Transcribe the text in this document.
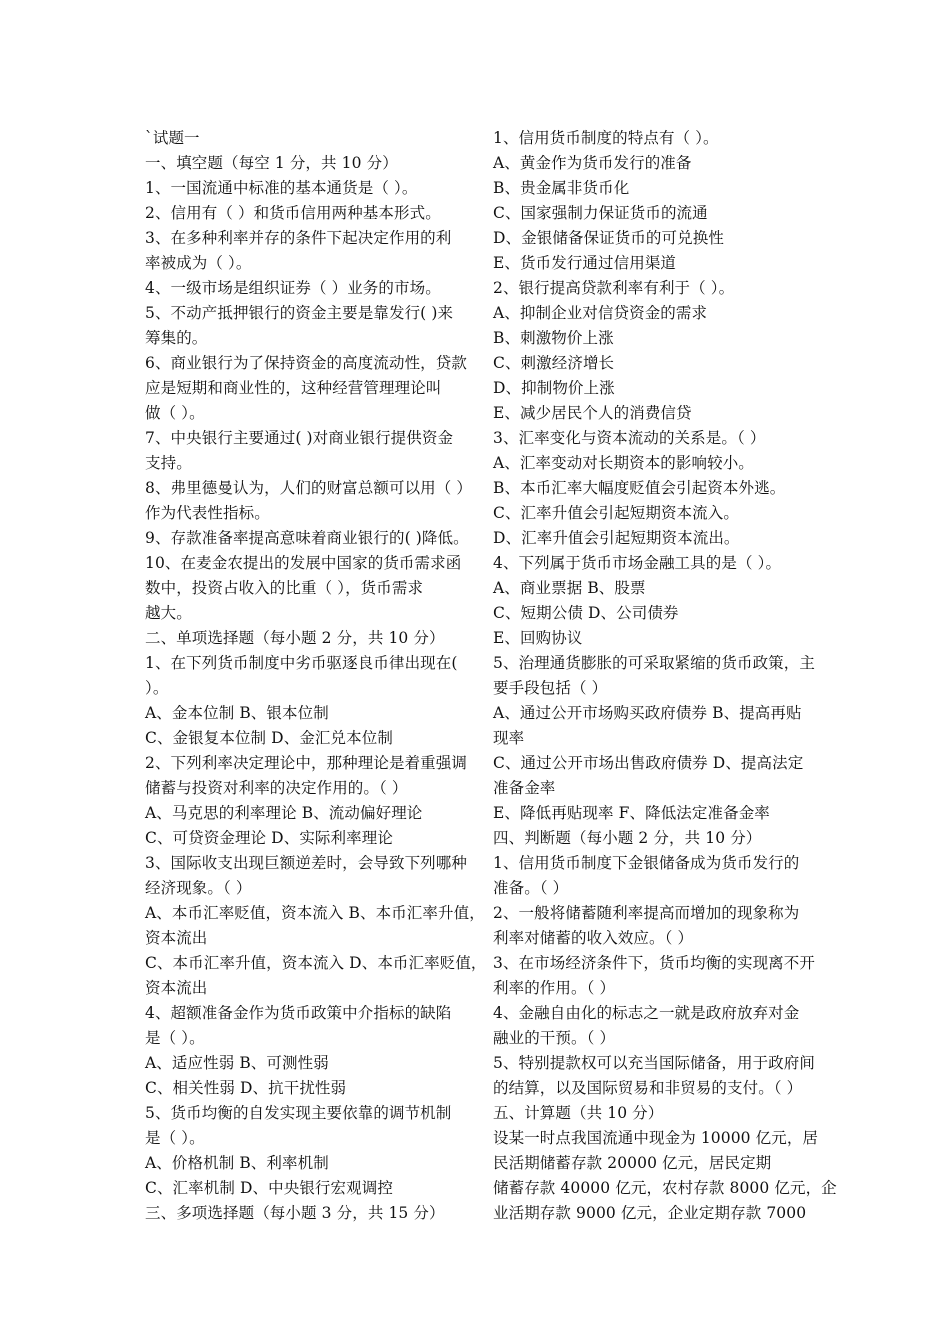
`试题一
一、填空题（每空 1 分，共 10 分）
1、一国流通中标准的基本通货是（ ）。
2、信用有（ ）和货币信用两种基本形式。
3、在多种利率并存的条件下起决定作用的利
率被成为（ ）。
4、一级市场是组织证券（ ）业务的市场。
5、不动产抵押银行的资金主要是靠发行( )来
筹集的。
6、商业银行为了保持资金的高度流动性，贷款
应是短期和商业性的，这种经营管理理论叫
做（ ）。
7、中央银行主要通过( )对商业银行提供资金
支持。
8、弗里德曼认为，人们的财富总额可以用（ ）
作为代表性指标。
9、存款准备率提高意味着商业银行的( )降低。
10、在麦金农提出的发展中国家的货币需求函
数中，投资占收入的比重（ ），货币需求
越大。
二、单项选择题（每小题 2 分，共 10 分）
1、在下列货币制度中劣币驱逐良币律出现在(
）。
A、金本位制 B、银本位制
C、金银复本位制 D、金汇兑本位制
2、下列利率决定理论中，那种理论是着重强调
储蓄与投资对利率的决定作用的。（ ）
A、马克思的利率理论 B、流动偏好理论
C、可贷资金理论 D、实际利率理论
3、国际收支出现巨额逆差时，会导致下列哪种
经济现象。（ ）
A、本币汇率贬值，资本流入 B、本币汇率升值，
资本流出
C、本币汇率升值，资本流入 D、本币汇率贬值，
资本流出
4、超额准备金作为货币政策中介指标的缺陷
是（ ）。
A、适应性弱 B、可测性弱
C、相关性弱 D、抗干扰性弱
5、货币均衡的自发实现主要依靠的调节机制
是（ ）。
A、价格机制 B、利率机制
C、汇率机制 D、中央银行宏观调控
三、多项选择题（每小题 3 分，共 15 分）
1、信用货币制度的特点有（ ）。
A、黄金作为货币发行的准备
B、贵金属非货币化
C、国家强制力保证货币的流通
D、金银储备保证货币的可兑换性
E、货币发行通过信用渠道
2、银行提高贷款利率有利于（ ）。
A、抑制企业对信贷资金的需求
B、刺激物价上涨
C、刺激经济增长
D、抑制物价上涨
E、减少居民个人的消费信贷
3、汇率变化与资本流动的关系是。（ ）
A、汇率变动对长期资本的影响较小。
B、本币汇率大幅度贬值会引起资本外逃。
C、汇率升值会引起短期资本流入。
D、汇率升值会引起短期资本流出。
4、下列属于货币市场金融工具的是（ ）。
A、商业票据 B、股票
C、短期公债 D、公司债券
E、回购协议
5、治理通货膨胀的可采取紧缩的货币政策，主
要手段包括（ ）
A、通过公开市场购买政府债券 B、提高再贴
现率
C、通过公开市场出售政府债券 D、提高法定
准备金率
E、降低再贴现率 F、降低法定准备金率
四、判断题（每小题 2 分，共 10 分）
1、信用货币制度下金银储备成为货币发行的
准备。（ ）
2、一般将储蓄随利率提高而增加的现象称为
利率对储蓄的收入效应。（ ）
3、在市场经济条件下，货币均衡的实现离不开
利率的作用。（ ）
4、金融自由化的标志之一就是政府放弃对金
融业的干预。（ ）
5、特别提款权可以充当国际储备，用于政府间
的结算，以及国际贸易和非贸易的支付。（ ）
五、计算题（共 10 分）
设某一时点我国流通中现金为 10000 亿元，居
民活期储蓄存款 20000 亿元，居民定期
储蓄存款 40000 亿元，农村存款 8000 亿元，企
业活期存款 9000 亿元，企业定期存款 7000
